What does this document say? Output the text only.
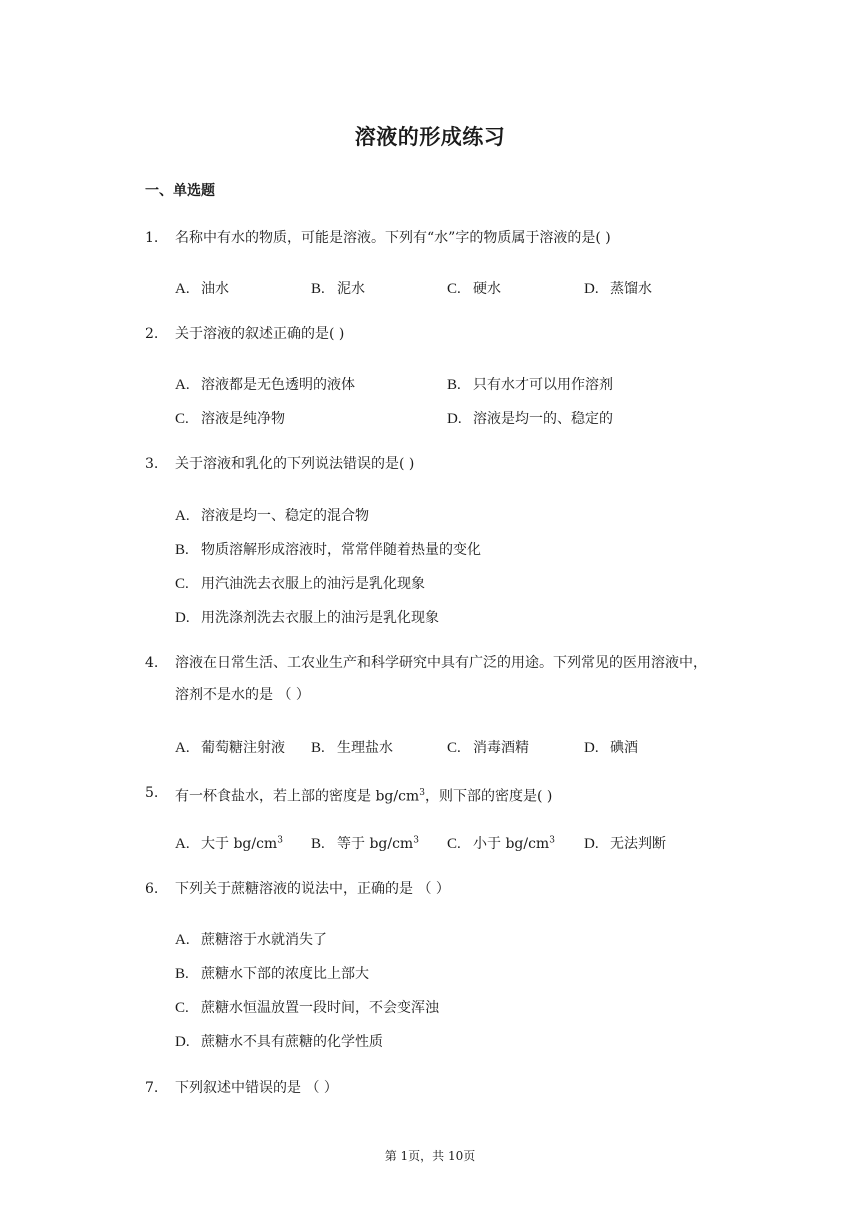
溶液的形成练习
一、单选题
1. 名称中有水的物质，可能是溶液。下列有“水”字的物质属于溶液的是( )
A. 油水	B. 泥水	C. 硬水	D. 蒸馏水
2. 关于溶液的叙述正确的是( )
A. 溶液都是无色透明的液体	B. 只有水才可以用作溶剂
C. 溶液是纯净物	D. 溶液是均一的、稳定的
3. 关于溶液和乳化的下列说法错误的是( )
A. 溶液是均一、稳定的混合物
B. 物质溶解形成溶液时，常常伴随着热量的变化
C. 用汽油洗去衣服上的油污是乳化现象
D. 用洗涤剂洗去衣服上的油污是乳化现象
4. 溶液在日常生活、工农业生产和科学研究中具有广泛的用途。下列常见的医用溶液中，溶剂不是水的是 （ ）
A. 葡萄糖注射液 B. 生理盐水	C. 消毒酒精	D. 碘酒
5. 有一杯食盐水，若上部的密度是 $bg/cm^3$，则下部的密度是( )
A. 大于 $bg/cm^3$ B. 等于 $bg/cm^3$ C. 小于 $bg/cm^3$ D. 无法判断
6. 下列关于蔗糖溶液的说法中，正确的是 （ ）
A. 蔗糖溶于水就消失了
B. 蔗糖水下部的浓度比上部大
C. 蔗糖水恒温放置一段时间，不会变浑浊
D. 蔗糖水不具有蔗糖的化学性质
7. 下列叙述中错误的是 （ ）
第 1页，共 10页
